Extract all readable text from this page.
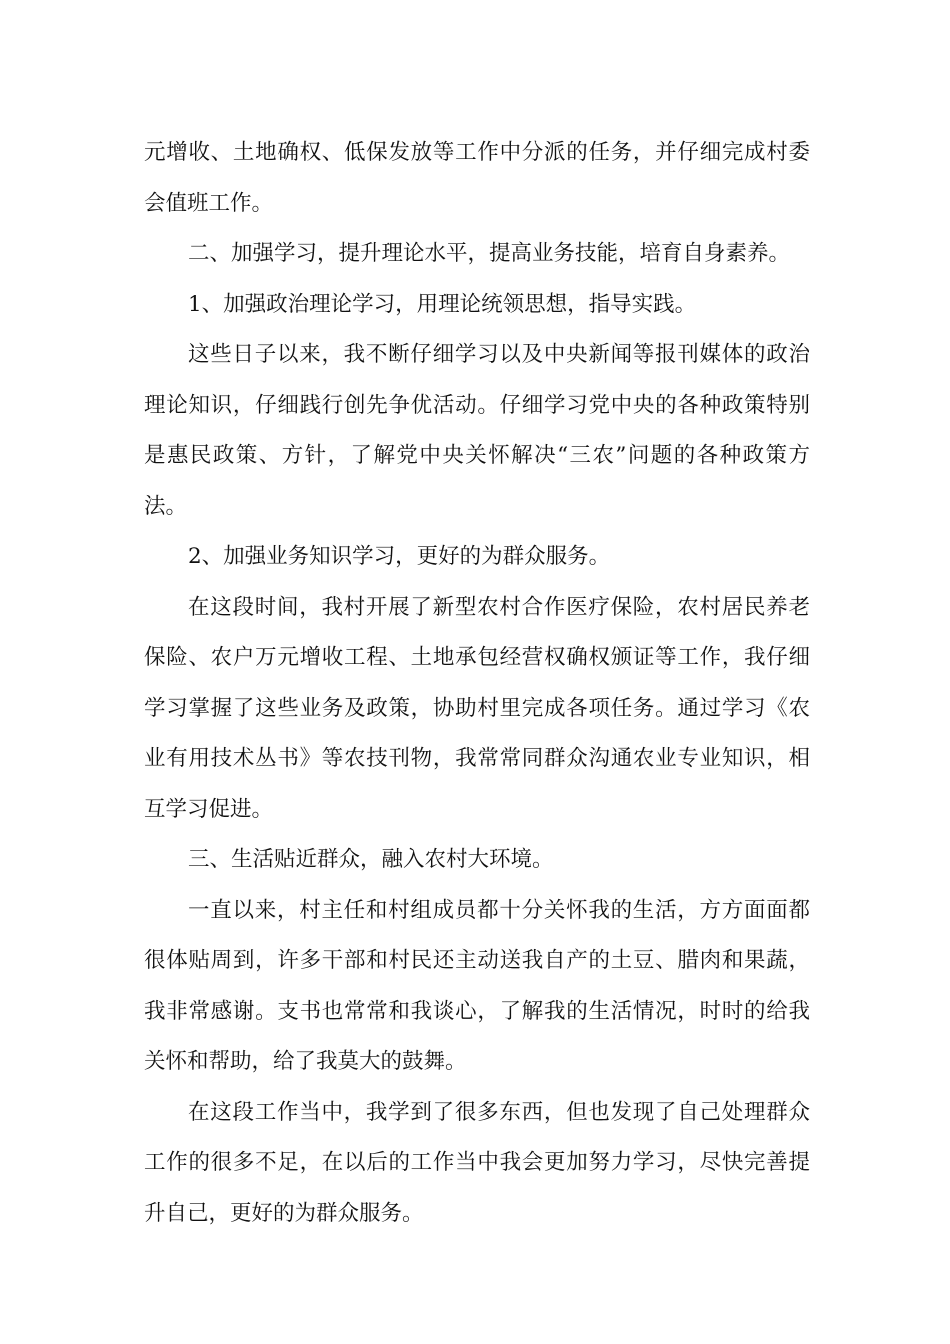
元增收、土地确权、低保发放等工作中分派的任务，并仔细完成村委会值班工作。

二、加强学习，提升理论水平，提高业务技能，培育自身素养。

1、加强政治理论学习，用理论统领思想，指导实践。

这些日子以来，我不断仔细学习以及中央新闻等报刊媒体的政治理论知识，仔细践行创先争优活动。仔细学习党中央的各种政策特别是惠民政策、方针，了解党中央关怀解决“三农”问题的各种政策方法。

2、加强业务知识学习，更好的为群众服务。

在这段时间，我村开展了新型农村合作医疗保险，农村居民养老保险、农户万元增收工程、土地承包经营权确权颁证等工作，我仔细学习掌握了这些业务及政策，协助村里完成各项任务。通过学习《农业有用技术丛书》等农技刊物，我常常同群众沟通农业专业知识，相互学习促进。

三、生活贴近群众，融入农村大环境。

一直以来，村主任和村组成员都十分关怀我的生活，方方面面都很体贴周到，许多干部和村民还主动送我自产的土豆、腊肉和果蔬，我非常感谢。支书也常常和我谈心，了解我的生活情况，时时的给我关怀和帮助，给了我莫大的鼓舞。

在这段工作当中，我学到了很多东西，但也发现了自己处理群众工作的很多不足，在以后的工作当中我会更加努力学习，尽快完善提升自己，更好的为群众服务。
